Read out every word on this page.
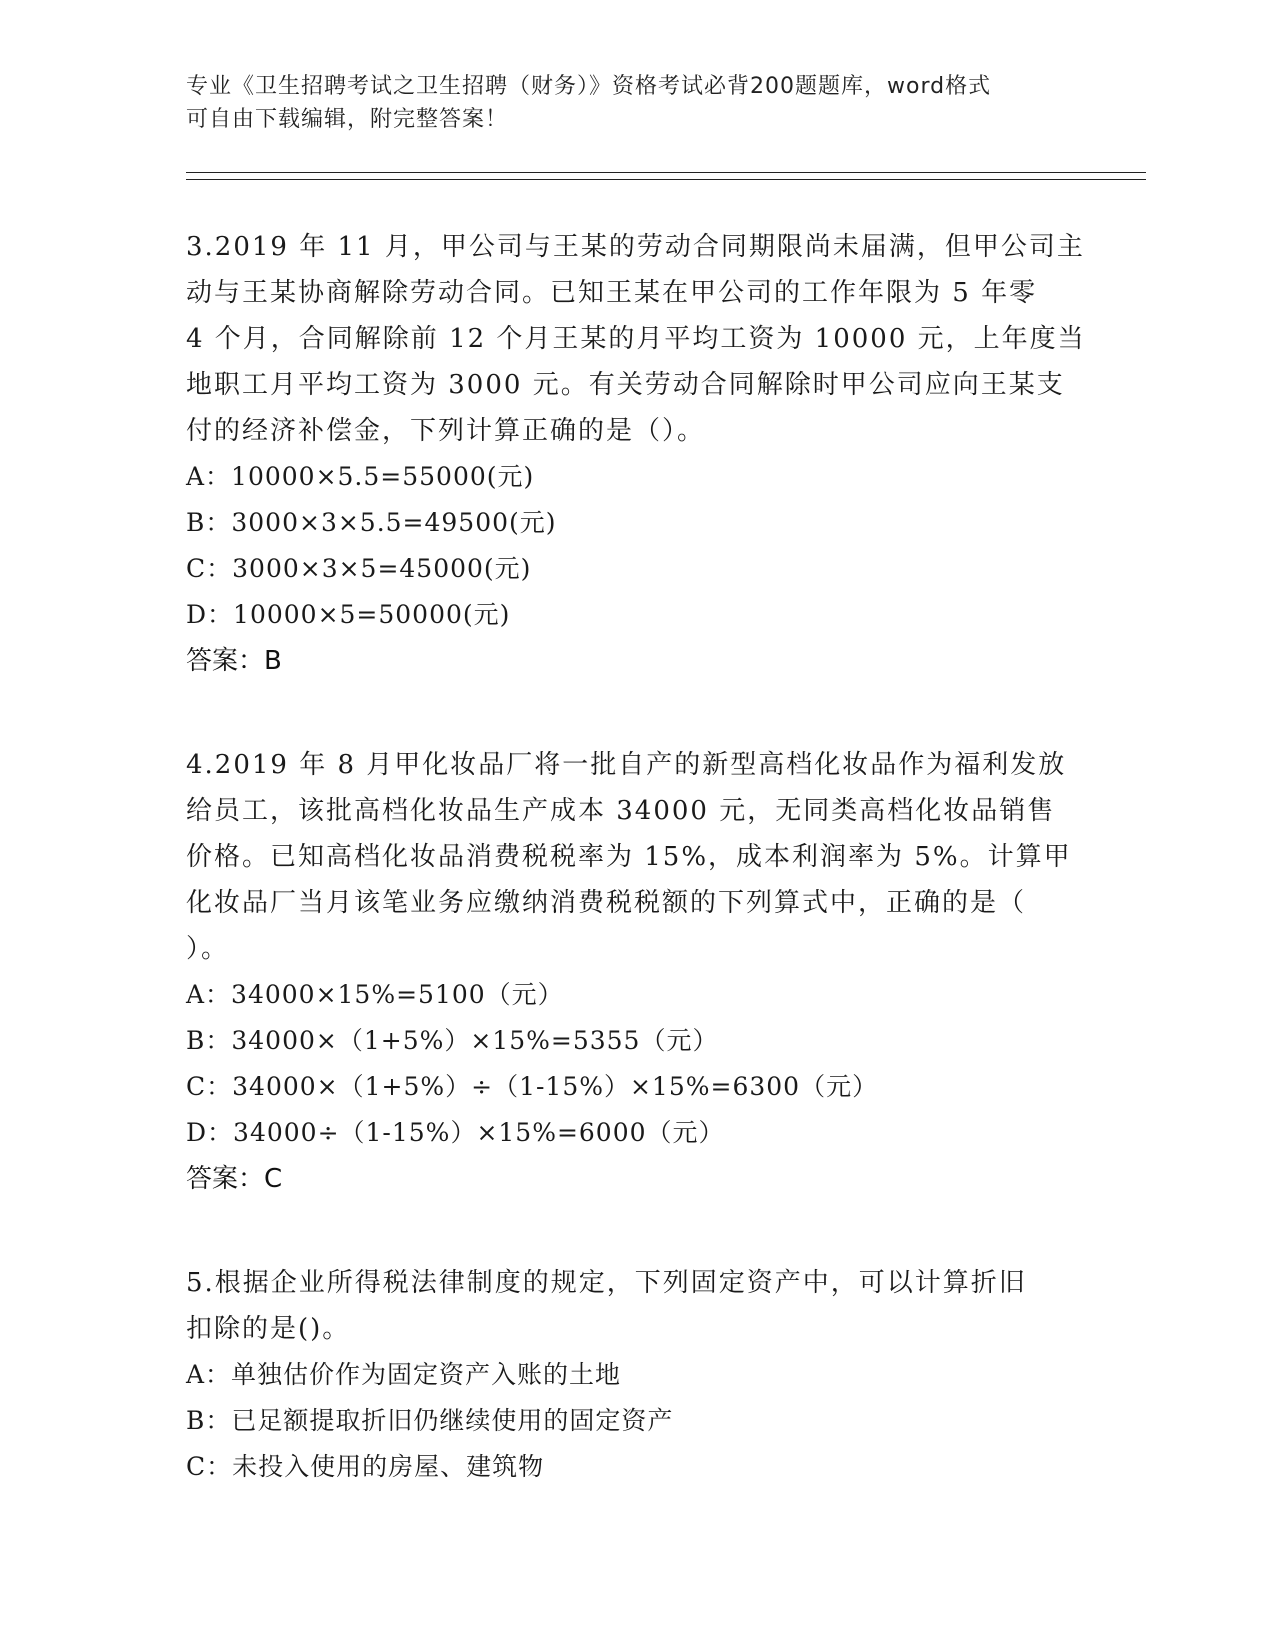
专业《卫生招聘考试之卫生招聘（财务）》资格考试必背200题题库，word格式
可自由下载编辑，附完整答案！
3.2019 年 11 月，甲公司与王某的劳动合同期限尚未届满，但甲公司主
动与王某协商解除劳动合同。已知王某在甲公司的工作年限为 5 年零
4 个月，合同解除前 12 个月王某的月平均工资为 10000 元，上年度当
地职工月平均工资为 3000 元。有关劳动合同解除时甲公司应向王某支
付的经济补偿金，下列计算正确的是（）。
A：10000×5.5=55000(元)
B：3000×3×5.5=49500(元)
C：3000×3×5=45000(元)
D：10000×5=50000(元)
答案：B
4.2019 年 8 月甲化妆品厂将一批自产的新型高档化妆品作为福利发放
给员工，该批高档化妆品生产成本 34000 元，无同类高档化妆品销售
价格。已知高档化妆品消费税税率为 15%，成本利润率为 5%。计算甲
化妆品厂当月该笔业务应缴纳消费税税额的下列算式中，正确的是（
）。
A：34000×15%=5100（元）
B：34000×（1+5%）×15%=5355（元）
C：34000×（1+5%）÷（1-15%）×15%=6300（元）
D：34000÷（1-15%）×15%=6000（元）
答案：C
5.根据企业所得税法律制度的规定，下列固定资产中，可以计算折旧
扣除的是()。
A：单独估价作为固定资产入账的土地
B：已足额提取折旧仍继续使用的固定资产
C：未投入使用的房屋、建筑物
